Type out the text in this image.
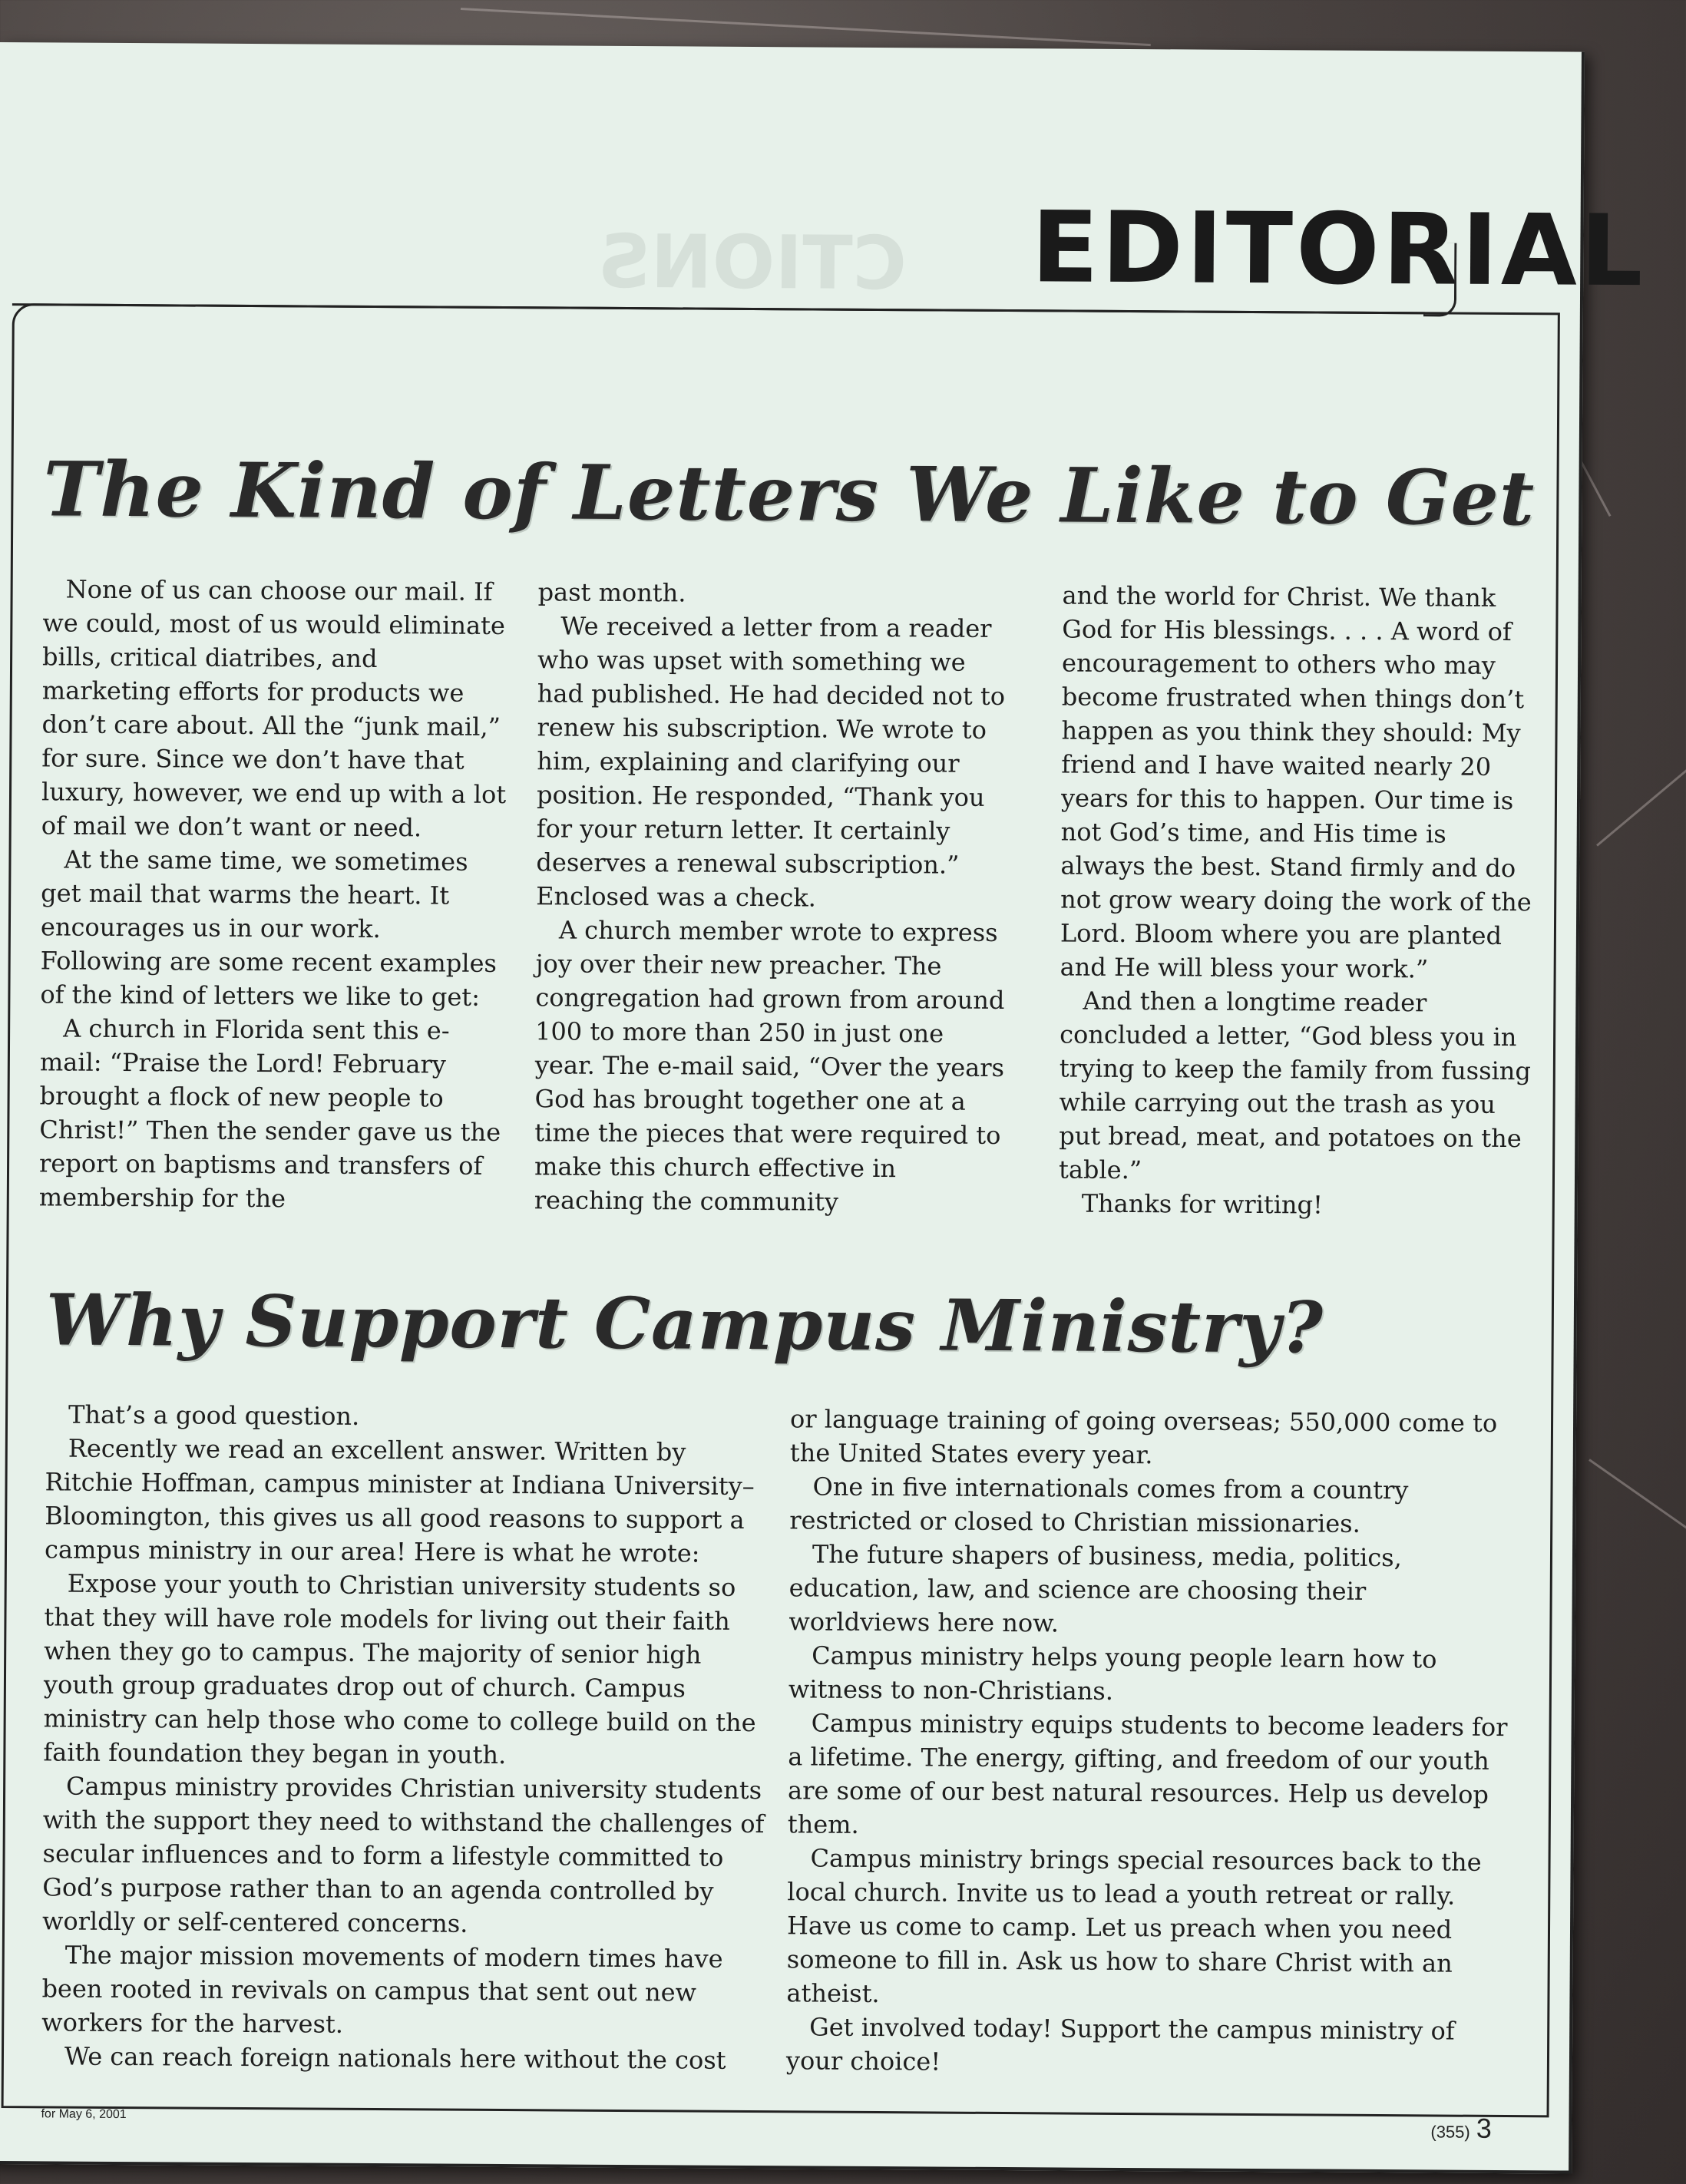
CTIONS EDITORIAL
The Kind of Letters We Like to Get

None of us can choose our mail. If we could, most of us would eliminate bills, critical diatribes, and marketing efforts for products we don’t care about. All the “junk mail,” for sure. Since we don’t have that luxury, however, we end up with a lot of mail we don’t want or need.

At the same time, we sometimes get mail that warms the heart. It encourages us in our work. Following are some recent examples of the kind of letters we like to get:

A church in Florida sent this e-mail: “Praise the Lord! February brought a flock of new people to Christ!” Then the sender gave us the report on baptisms and transfers of membership for the

past month.

We received a letter from a reader who was upset with something we had published. He had decided not to renew his subscription. We wrote to him, explaining and clarifying our position. He responded, “Thank you for your return letter. It certainly deserves a renewal subscription.” Enclosed was a check.

A church member wrote to express joy over their new preacher. The congregation had grown from around 100 to more than 250 in just one year. The e-mail said, “Over the years God has brought together one at a time the pieces that were required to make this church effective in reaching the community

and the world for Christ. We thank God for His blessings. . . . A word of encouragement to others who may become frustrated when things don’t happen as you think they should: My friend and I have waited nearly 20 years for this to happen. Our time is not God’s time, and His time is always the best. Stand firmly and do not grow weary doing the work of the Lord. Bloom where you are planted and He will bless your work.”

And then a longtime reader concluded a letter, “God bless you in trying to keep the family from fussing while carrying out the trash as you put bread, meat, and potatoes on the table.”

Thanks for writing!

Why Support Campus Ministry?

That’s a good question.

Recently we read an excellent answer. Written by Ritchie Hoffman, campus minister at Indiana University–Bloomington, this gives us all good reasons to support a campus ministry in our area! Here is what he wrote:

Expose your youth to Christian university students so that they will have role models for living out their faith when they go to campus. The majority of senior high youth group graduates drop out of church. Campus ministry can help those who come to college build on the faith foundation they began in youth.

Campus ministry provides Christian university students with the support they need to withstand the challenges of secular influences and to form a lifestyle committed to God’s purpose rather than to an agenda controlled by worldly or self-centered concerns.

The major mission movements of modern times have been rooted in revivals on campus that sent out new workers for the harvest.

We can reach foreign nationals here without the cost

or language training of going overseas; 550,000 come to the United States every year.

One in five internationals comes from a country restricted or closed to Christian missionaries.

The future shapers of business, media, politics, education, law, and science are choosing their worldviews here now.

Campus ministry helps young people learn how to witness to non-Christians.

Campus ministry equips students to become leaders for a lifetime. The energy, gifting, and freedom of our youth are some of our best natural resources. Help us develop them.

Campus ministry brings special resources back to the local church. Invite us to lead a youth retreat or rally. Have us come to camp. Let us preach when you need someone to fill in. Ask us how to share Christ with an atheist.

Get involved today! Support the campus ministry of your choice!

for May 6, 2001
(355) 3
